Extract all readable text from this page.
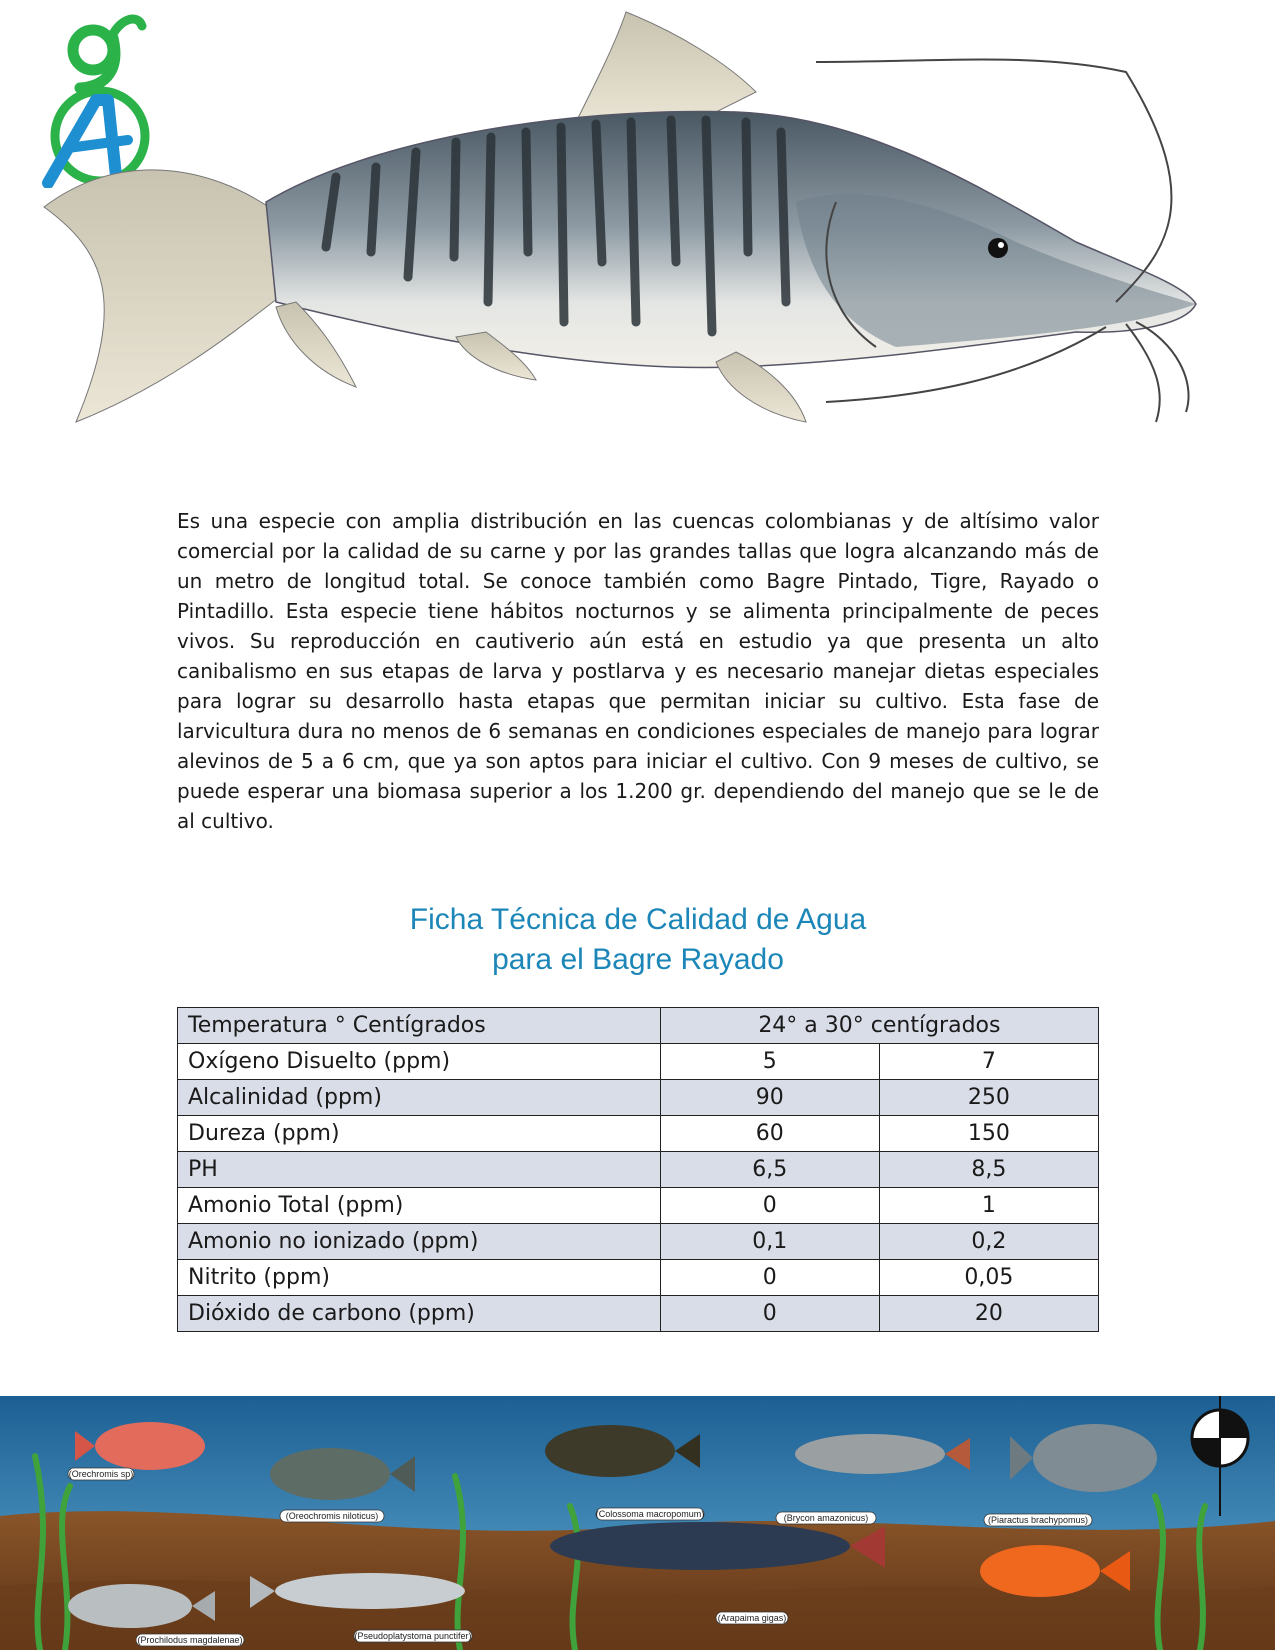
Es una especie con amplia distribución en las cuencas colombianas y de altísimo valor comercial por la calidad de su carne y por las grandes tallas que logra alcanzando más de un metro de longitud total. Se conoce también como Bagre Pintado, Tigre, Rayado o Pintadillo. Esta especie tiene hábitos nocturnos y se alimenta principalmente de peces vivos. Su reproducción en cautiverio aún está en estudio ya que presenta un alto canibalismo en sus etapas de larva y postlarva y es necesario manejar dietas especiales para lograr su desarrollo hasta etapas que permitan iniciar su cultivo. Esta fase de larvicultura dura no menos de 6 semanas en condiciones especiales de manejo para lograr alevinos de 5 a 6 cm, que ya son aptos para iniciar el cultivo. Con 9 meses de cultivo, se puede esperar una biomasa superior a los 1.200 gr. dependiendo del manejo que se le de al cultivo.

Ficha Técnica de Calidad de Agua
para el Bagre Rayado
Temperatura ° Centígrados	24° a 30° centígrados	
Oxígeno Disuelto (ppm)	5	7
Alcalinidad (ppm)	90	250
Dureza (ppm)	60	150
PH	6,5	8,5
Amonio Total (ppm)	0	1
Amonio no ionizado (ppm)	0,1	0,2
Nitrito (ppm)	0	0,05
Dióxido de carbono (ppm)	0	20
(Orechromis sp)
(Oreochromis niloticus)	(Colossoma macropomum)	(Brycon amazonicus)	(Piaractus brachypomus)
(Arapaima gigas)
(Prochilodus magdalenae)	(Pseudoplatystoma punctifer)
